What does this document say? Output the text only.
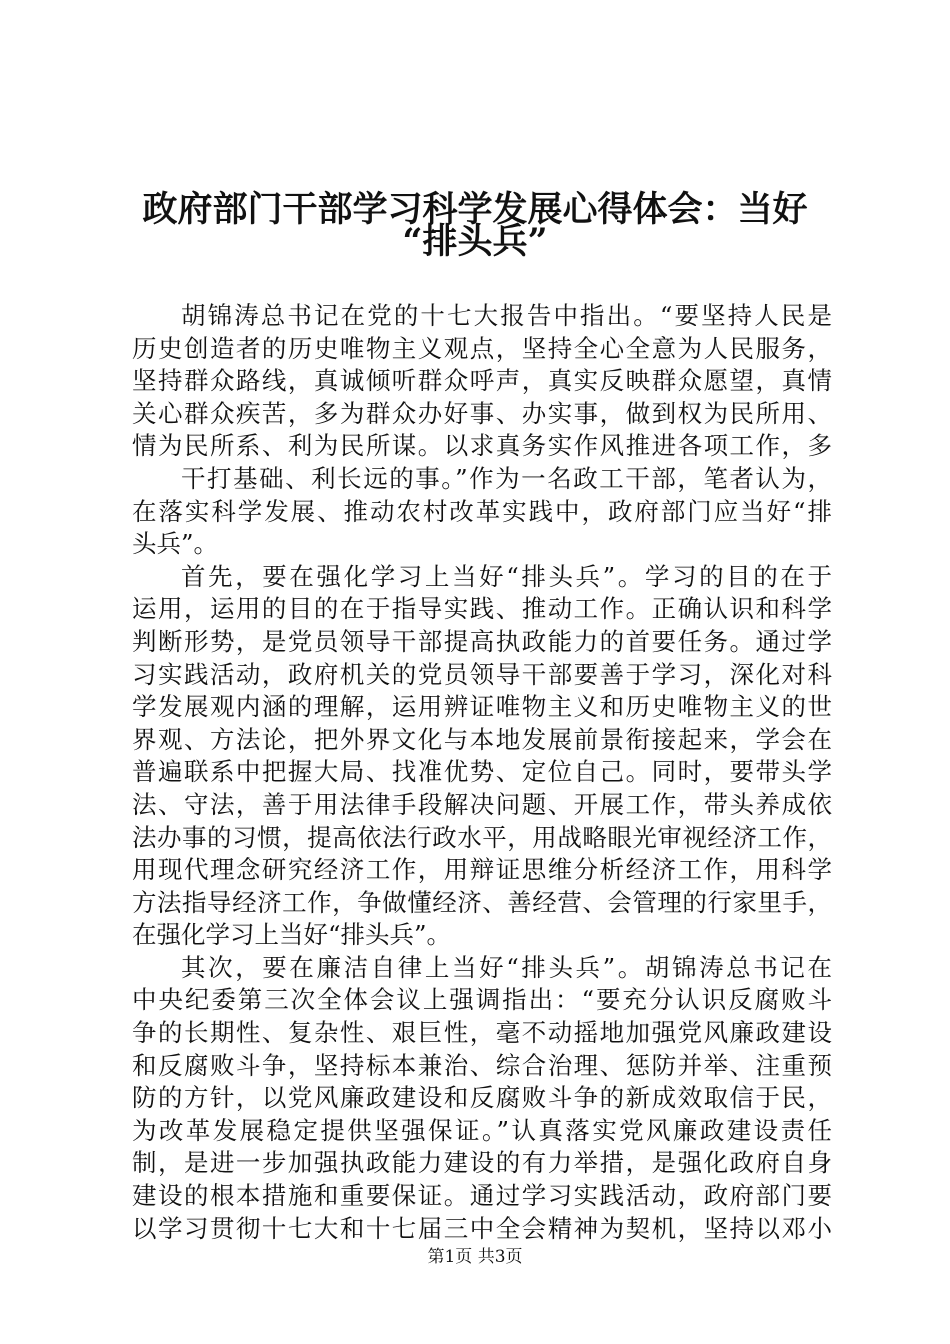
政府部门干部学习科学发展心得体会：当好
“排头兵”
胡锦涛总书记在党的十七大报告中指出。“要坚持人民是
历史创造者的历史唯物主义观点，坚持全心全意为人民服务，
坚持群众路线，真诚倾听群众呼声，真实反映群众愿望，真情
关心群众疾苦，多为群众办好事、办实事，做到权为民所用、
情为民所系、利为民所谋。以求真务实作风推进各项工作，多
干打基础、利长远的事。”作为一名政工干部，笔者认为，
在落实科学发展、推动农村改革实践中，政府部门应当好“排
头兵”。
首先，要在强化学习上当好“排头兵”。学习的目的在于
运用，运用的目的在于指导实践、推动工作。正确认识和科学
判断形势，是党员领导干部提高执政能力的首要任务。通过学
习实践活动，政府机关的党员领导干部要善于学习，深化对科
学发展观内涵的理解，运用辨证唯物主义和历史唯物主义的世
界观、方法论，把外界文化与本地发展前景衔接起来，学会在
普遍联系中把握大局、找准优势、定位自己。同时，要带头学
法、守法，善于用法律手段解决问题、开展工作，带头养成依
法办事的习惯，提高依法行政水平，用战略眼光审视经济工作，
用现代理念研究经济工作，用辩证思维分析经济工作，用科学
方法指导经济工作，争做懂经济、善经营、会管理的行家里手，
在强化学习上当好“排头兵”。
其次，要在廉洁自律上当好“排头兵”。胡锦涛总书记在
中央纪委第三次全体会议上强调指出：“要充分认识反腐败斗
争的长期性、复杂性、艰巨性，毫不动摇地加强党风廉政建设
和反腐败斗争，坚持标本兼治、综合治理、惩防并举、注重预
防的方针，以党风廉政建设和反腐败斗争的新成效取信于民，
为改革发展稳定提供坚强保证。”认真落实党风廉政建设责任
制，是进一步加强执政能力建设的有力举措，是强化政府自身
建设的根本措施和重要保证。通过学习实践活动，政府部门要
以学习贯彻十七大和十七届三中全会精神为契机，坚持以邓小
第1页 共3页
